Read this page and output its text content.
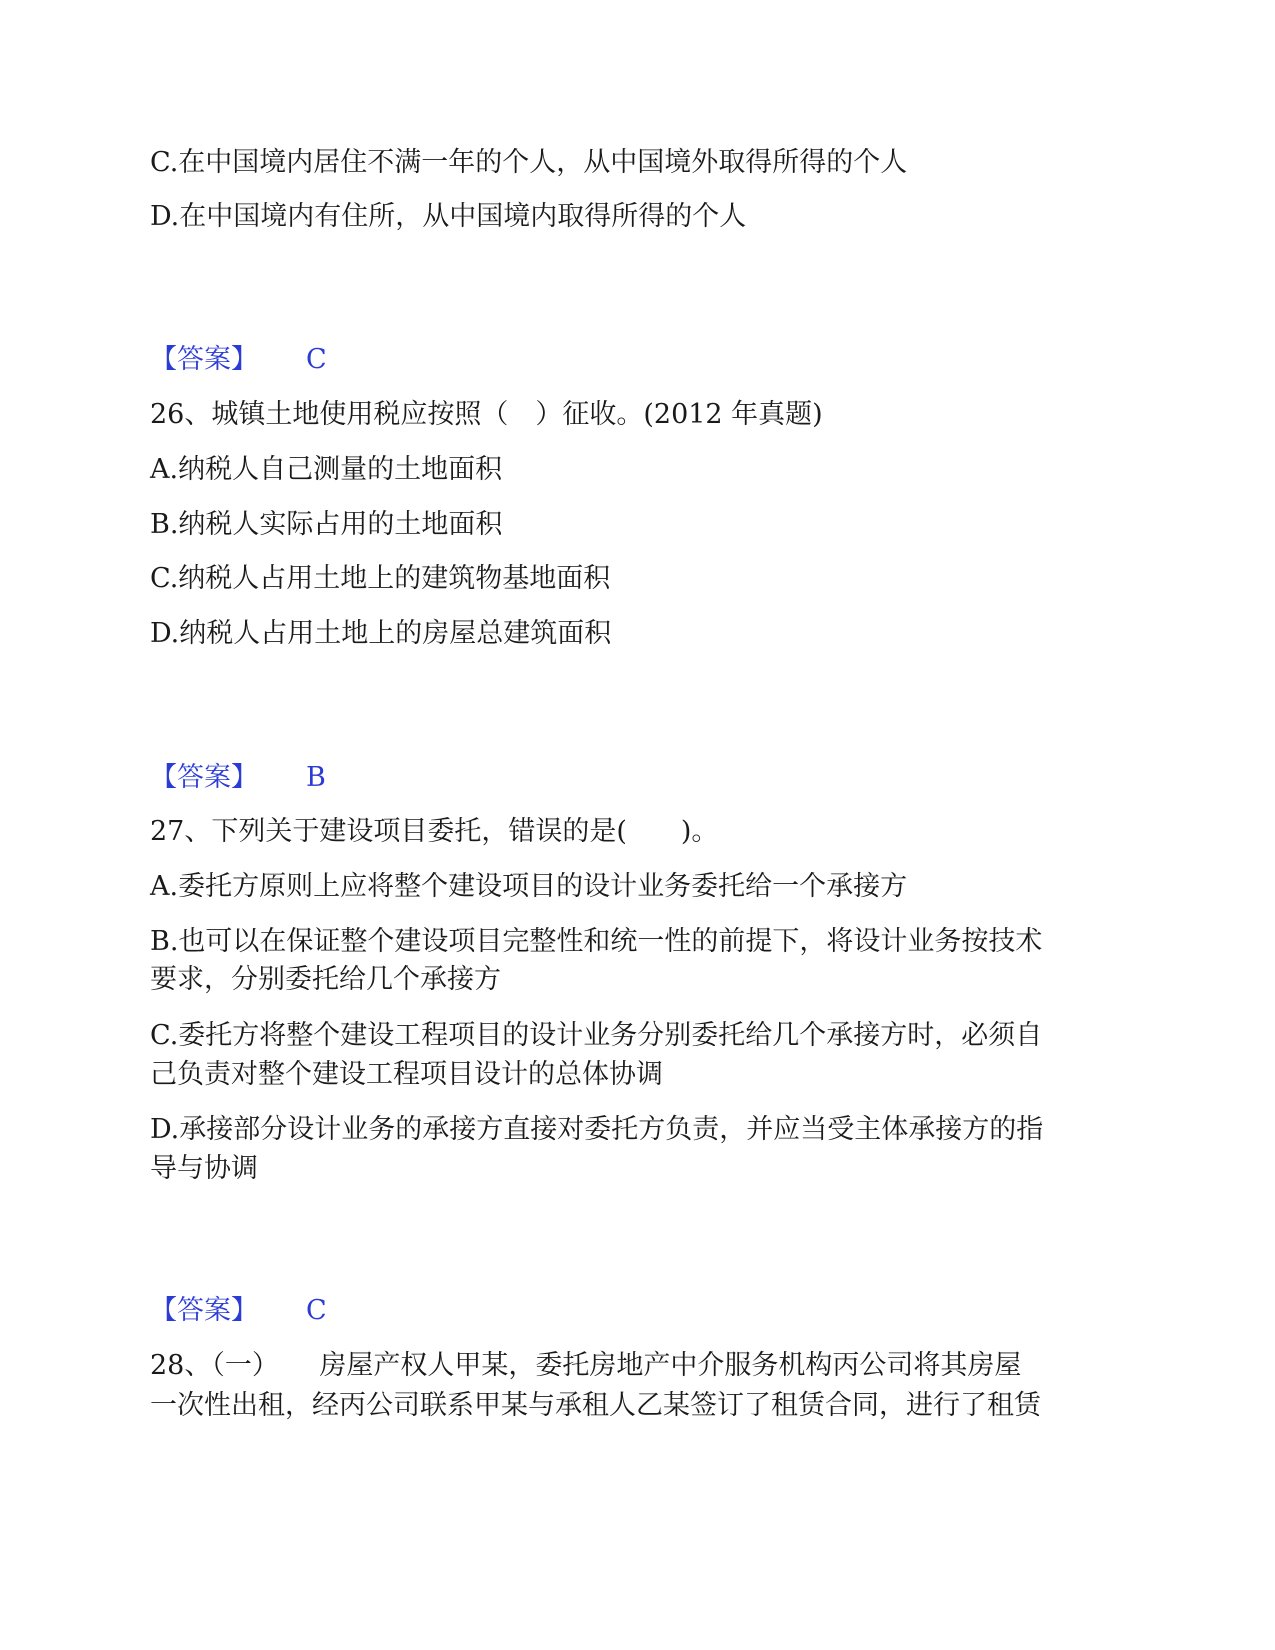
C.在中国境内居住不满一年的个人，从中国境外取得所得的个人
D.在中国境内有住所，从中国境内取得所得的个人
【答案】 C
26、城镇土地使用税应按照（　）征收。(2012 年真题)
A.纳税人自己测量的土地面积
B.纳税人实际占用的土地面积
C.纳税人占用土地上的建筑物基地面积
D.纳税人占用土地上的房屋总建筑面积
【答案】 B
27、下列关于建设项目委托，错误的是(　　)。
A.委托方原则上应将整个建设项目的设计业务委托给一个承接方
B.也可以在保证整个建设项目完整性和统一性的前提下，将设计业务按技术
要求，分别委托给几个承接方
C.委托方将整个建设工程项目的设计业务分别委托给几个承接方时，必须自
己负责对整个建设工程项目设计的总体协调
D.承接部分设计业务的承接方直接对委托方负责，并应当受主体承接方的指
导与协调
【答案】 C
28、（一）　　房屋产权人甲某，委托房地产中介服务机构丙公司将其房屋
一次性出租，经丙公司联系甲某与承租人乙某签订了租赁合同，进行了租赁
